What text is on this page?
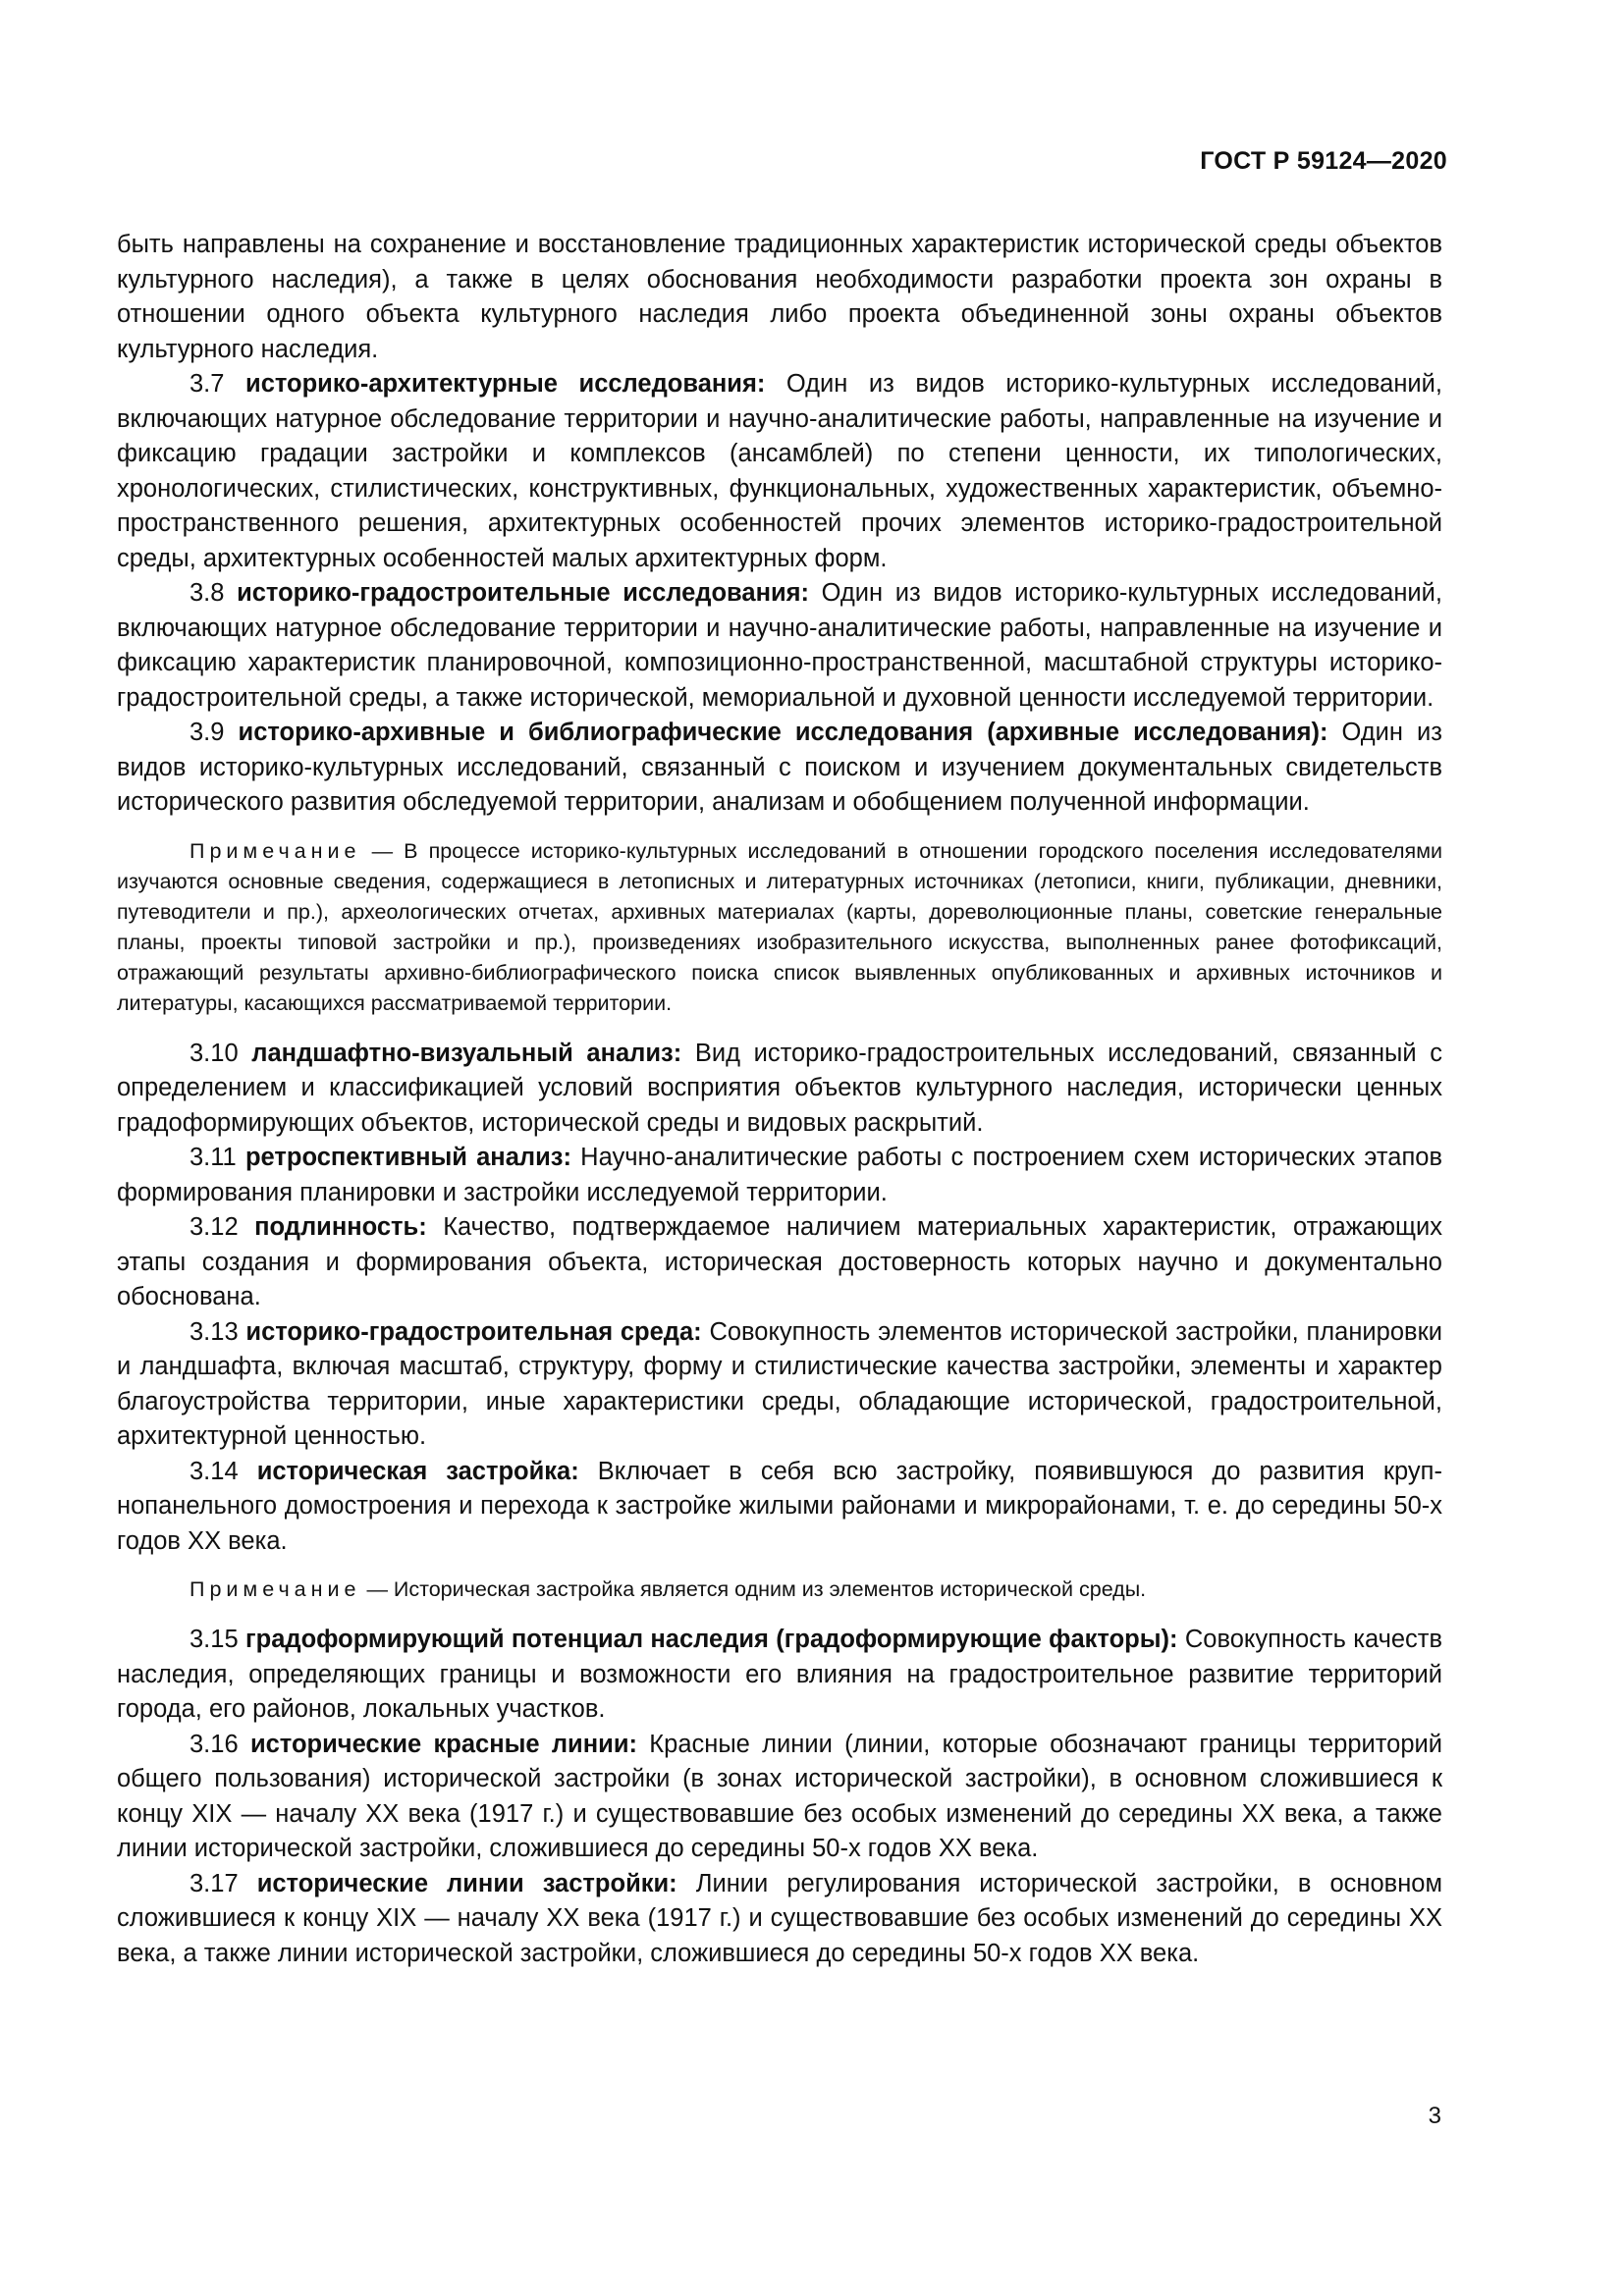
ГОСТ Р 59124—2020

быть направлены на сохранение и восстановление традиционных характеристик исторической среды объектов культурного наследия), а также в целях обоснования необходимости разработки проекта зон охраны в отношении одного объекта культурного наследия либо проекта объединенной зоны охраны объектов культурного наследия.

3.7 историко-архитектурные исследования: Один из видов историко-культурных исследований, включающих натурное обследование территории и научно-аналитические работы, направленные на изучение и фиксацию градации застройки и комплексов (ансамблей) по степени ценности, их типологических, хронологических, стилистических, конструктивных, функциональных, художественных характеристик, объемно-пространственного решения, архитектурных особенностей прочих элементов историко-градостроительной среды, архитектурных особенностей малых архитектурных форм.

3.8 историко-градостроительные исследования: Один из видов историко-культурных исследований, включающих натурное обследование территории и научно-аналитические работы, направленные на изучение и фиксацию характеристик планировочной, композиционно-пространственной, масштабной структуры историко-градостроительной среды, а также исторической, мемориальной и духовной ценности исследуемой территории.

3.9 историко-архивные и библиографические исследования (архивные исследования): Один из видов историко-культурных исследований, связанный с поиском и изучением документальных свидетельств исторического развития обследуемой территории, анализам и обобщением полученной информации.

Примечание — В процессе историко-культурных исследований в отношении городского поселения исследователями изучаются основные сведения, содержащиеся в летописных и литературных источниках (летописи, книги, публикации, дневники, путеводители и пр.), археологических отчетах, архивных материалах (карты, дореволюционные планы, советские генеральные планы, проекты типовой застройки и пр.), произведениях изобразительного искусства, выполненных ранее фотофиксаций, отражающий результаты архивно-библиографического поиска список выявленных опубликованных и архивных источников и литературы, касающихся рассматриваемой территории.

3.10 ландшафтно-визуальный анализ: Вид историко-градостроительных исследований, связанный с определением и классификацией условий восприятия объектов культурного наследия, исторически ценных градоформирующих объектов, исторической среды и видовых раскрытий.

3.11 ретроспективный анализ: Научно-аналитические работы с построением схем исторических этапов формирования планировки и застройки исследуемой территории.

3.12 подлинность: Качество, подтверждаемое наличием материальных характеристик, отражающих этапы создания и формирования объекта, историческая достоверность которых научно и документально обоснована.

3.13 историко-градостроительная среда: Совокупность элементов исторической застройки, планировки и ландшафта, включая масштаб, структуру, форму и стилистические качества застройки, элементы и характер благоустройства территории, иные характеристики среды, обладающие исторической, градостроительной, архитектурной ценностью.

3.14 историческая застройка: Включает в себя всю застройку, появившуюся до развития крупнопанельного домостроения и перехода к застройке жилыми районами и микрорайонами, т. е. до середины 50-х годов XX века.

Примечание — Историческая застройка является одним из элементов исторической среды.

3.15 градоформирующий потенциал наследия (градоформирующие факторы): Совокупность качеств наследия, определяющих границы и возможности его влияния на градостроительное развитие территорий города, его районов, локальных участков.

3.16 исторические красные линии: Красные линии (линии, которые обозначают границы территорий общего пользования) исторической застройки (в зонах исторической застройки), в основном сложившиеся к концу XIX — началу XX века (1917 г.) и существовавшие без особых изменений до середины XX века, а также линии исторической застройки, сложившиеся до середины 50-х годов XX века.

3.17 исторические линии застройки: Линии регулирования исторической застройки, в основном сложившиеся к концу XIX — началу XX века (1917 г.) и существовавшие без особых изменений до середины XX века, а также линии исторической застройки, сложившиеся до середины 50-х годов XX века.

3
